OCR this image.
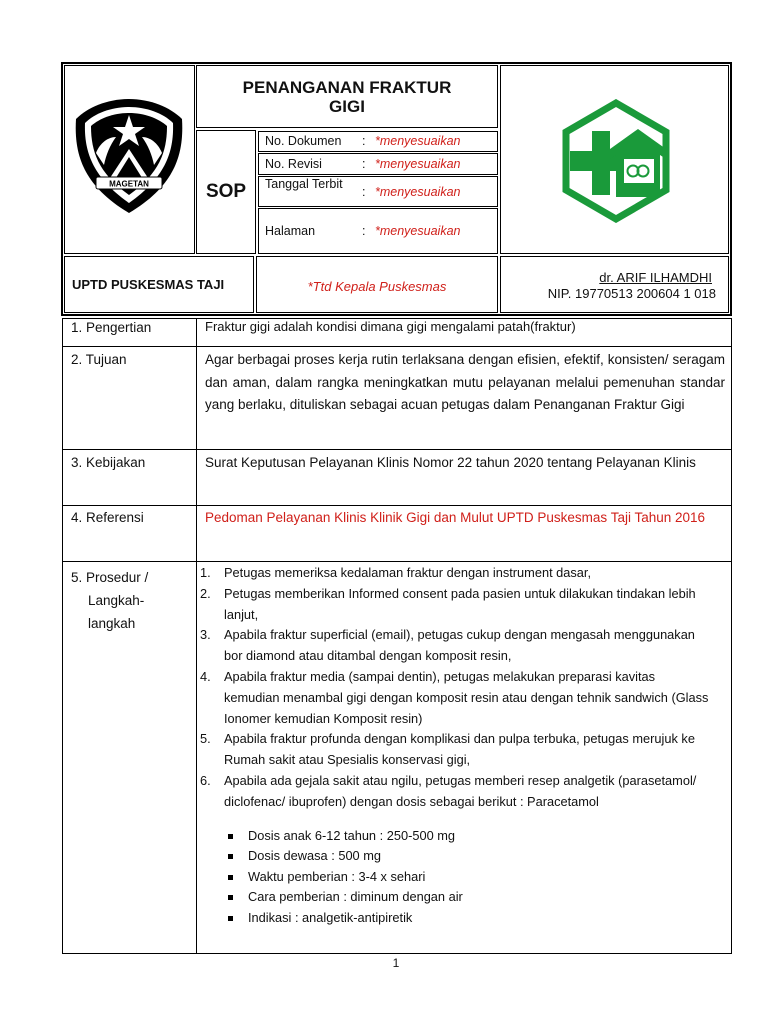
MAGETAN
PENANGANAN FRAKTUR
GIGI
SOP
No. Dokumen : *menyesuaikan
No. Revisi	: *menyesuaikan
Tanggal Terbit
: *menyesuaikan
Halaman	: *menyesuaikan
UPTD PUSKESMAS TAJI	*Ttd Kepala Puskesmas
dr. ARIF ILHAMDHI
NIP. 19770513 200604 1 018
1. Pengertian	Fraktur gigi adalah kondisi dimana gigi mengalami patah(fraktur)
2. Tujuan	Agar berbagai proses kerja rutin terlaksana dengan efisien, efektif, konsisten/ seragam dan aman, dalam rangka meningkatkan mutu pelayanan melalui pemenuhan standar yang berlaku, dituliskan sebagai acuan petugas dalam Penanganan Fraktur Gigi
3. Kebijakan	Surat Keputusan Pelayanan Klinis Nomor 22 tahun 2020 tentang Pelayanan Klinis
4. Referensi	Pedoman Pelayanan Klinis Klinik Gigi dan Mulut UPTD Puskesmas Taji Tahun 2016
5. Prosedur /
Langkah-
langkah
1. Petugas memeriksa kedalaman fraktur dengan instrument dasar,
2. Petugas memberikan Informed consent pada pasien untuk dilakukan tindakan lebih lanjut,
3. Apabila fraktur superficial (email), petugas cukup dengan mengasah menggunakan bor diamond atau ditambal dengan komposit resin,
4. Apabila fraktur media (sampai dentin), petugas melakukan preparasi kavitas kemudian menambal gigi dengan komposit resin atau dengan tehnik sandwich (Glass Ionomer kemudian Komposit resin)
5. Apabila fraktur profunda dengan komplikasi dan pulpa terbuka, petugas merujuk ke Rumah sakit atau Spesialis konservasi gigi,
6. Apabila ada gejala sakit atau ngilu, petugas memberi resep analgetik (parasetamol/ diclofenac/ ibuprofen) dengan dosis sebagai berikut : Paracetamol
Dosis anak 6-12 tahun : 250-500 mg
Dosis dewasa : 500 mg
Waktu pemberian : 3-4 x sehari
Cara pemberian : diminum dengan air
Indikasi : analgetik-antipiretik
1
